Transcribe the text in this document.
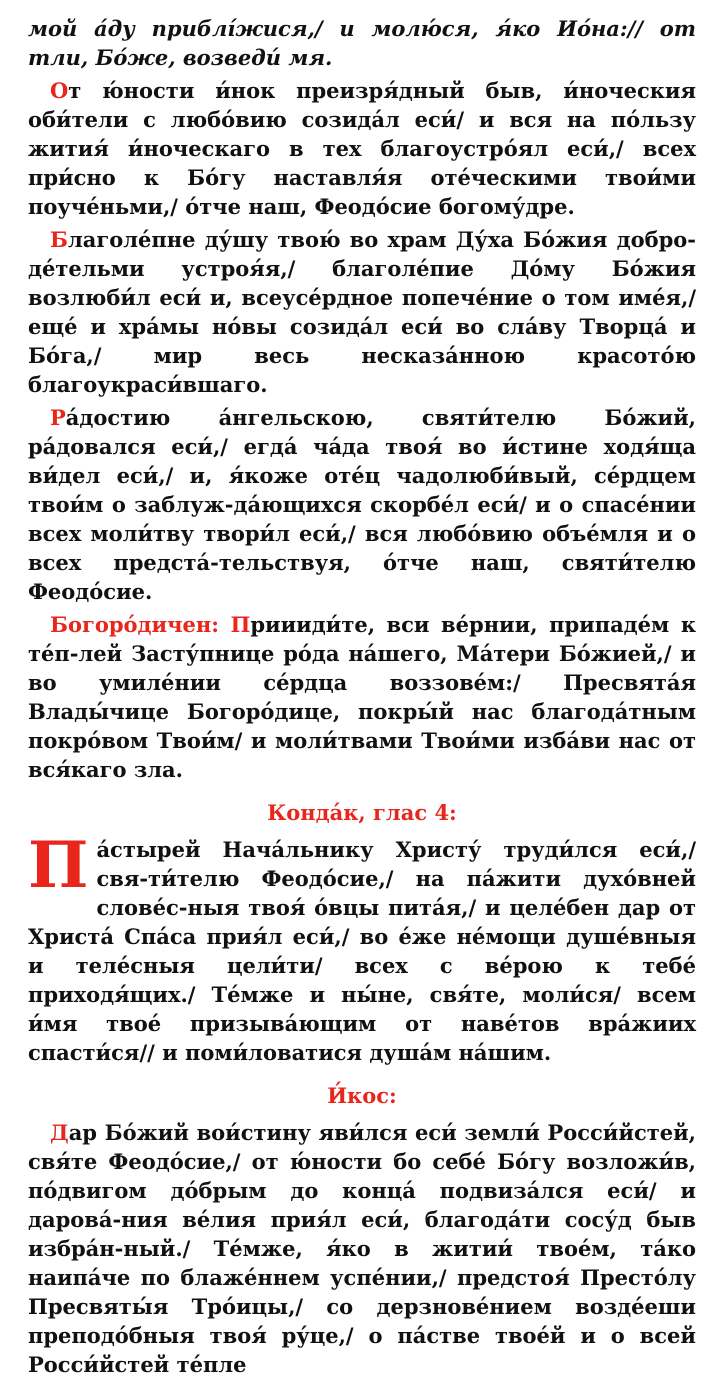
мой а́ду приблі́жися,/ и молю́ся, я́ко Ио́на:// от тли, Бо́же, возведи́ мя.

От ю́ности и́нок преизря́дный быв, и́ноческия оби́тели с любо́вию созида́л еси́/ и вся на по́льзу жития́ и́ноческаго в тех благоустро́ял еси́,/ всех при́сно к Бо́гу наставля́я оте́ческими твои́ми поуче́ньми,/ о́тче наш, Феодо́сие богому́дре.

Благоле́пне ду́шу твою́ во храм Ду́ха Бо́жия добро-де́тельми устроя́я,/ благоле́пие До́му Бо́жия возлюби́л еси́ и, всеусе́рдное попече́ние о том име́я,/ еще́ и хра́мы но́вы созида́л еси́ во сла́ву Творца́ и Бо́га,/ мир весь несказа́нною красото́ю благоукраси́вшаго.

Ра́достию а́нгельскою, святи́телю Бо́жий, ра́довался еси́,/ егда́ ча́да твоя́ во и́стине ходя́ща ви́дел еси́,/ и, я́коже оте́ц чадолюби́вый, се́рдцем твои́м о заблуж-да́ющихся скорбе́л еси́/ и о спасе́нии всех моли́тву твори́л еси́,/ вся любо́вию объе́мля и о всех предста́-тельствуя, о́тче наш, святи́телю Феодо́сие.

Богоро́дичен: Приииди́те, вси ве́рнии, припаде́м к те́п-лей Засту́пнице ро́да на́шего, Ма́тери Бо́жией,/ и во умиле́нии се́рдца воззове́м:/ Пресвята́я Влады́чице Богоро́дице, покры́й нас благода́тным покро́вом Твои́м/ и моли́твами Твои́ми изба́ви нас от вся́каго зла.

Конда́к, глас 4:

Па́стырей Нача́льнику Христу́ труди́лся еси́,/ свя-ти́телю Феодо́сие,/ на па́жити духо́вней слове́с-ныя твоя́ о́вцы пита́я,/ и целе́бен дар от Христа́ Спа́са прия́л еси́,/ во е́же не́мощи душе́вныя и теле́сныя цели́ти/ всех с ве́рою к тебе́ приходя́щих./ Те́мже и ны́не, свя́те, моли́ся/ всем и́мя твое́ призыва́ющим от наве́тов вра́жиих спасти́ся// и поми́ловатися душа́м на́шим.

И́кос:

Дар Бо́жий вои́стину яви́лся еси́ земли́ Росси́йстей, свя́те Феодо́сие,/ от ю́ности бо себе́ Бо́гу возложи́в, по́двигом до́брым до конца́ подвиза́лся еси́/ и дарова́-ния ве́лия прия́л еси́, благода́ти сосу́д быв избра́н-ный./ Те́мже, я́ко в житии́ твое́м, та́ко наипа́че по блаже́ннем успе́нии,/ предстоя́ Престо́лу Пресвяты́я Тро́ицы,/ со дерзнове́нием возде́еши преподо́бныя твоя́ ру́це,/ о па́стве твое́й и о всей Росси́йстей те́пле
